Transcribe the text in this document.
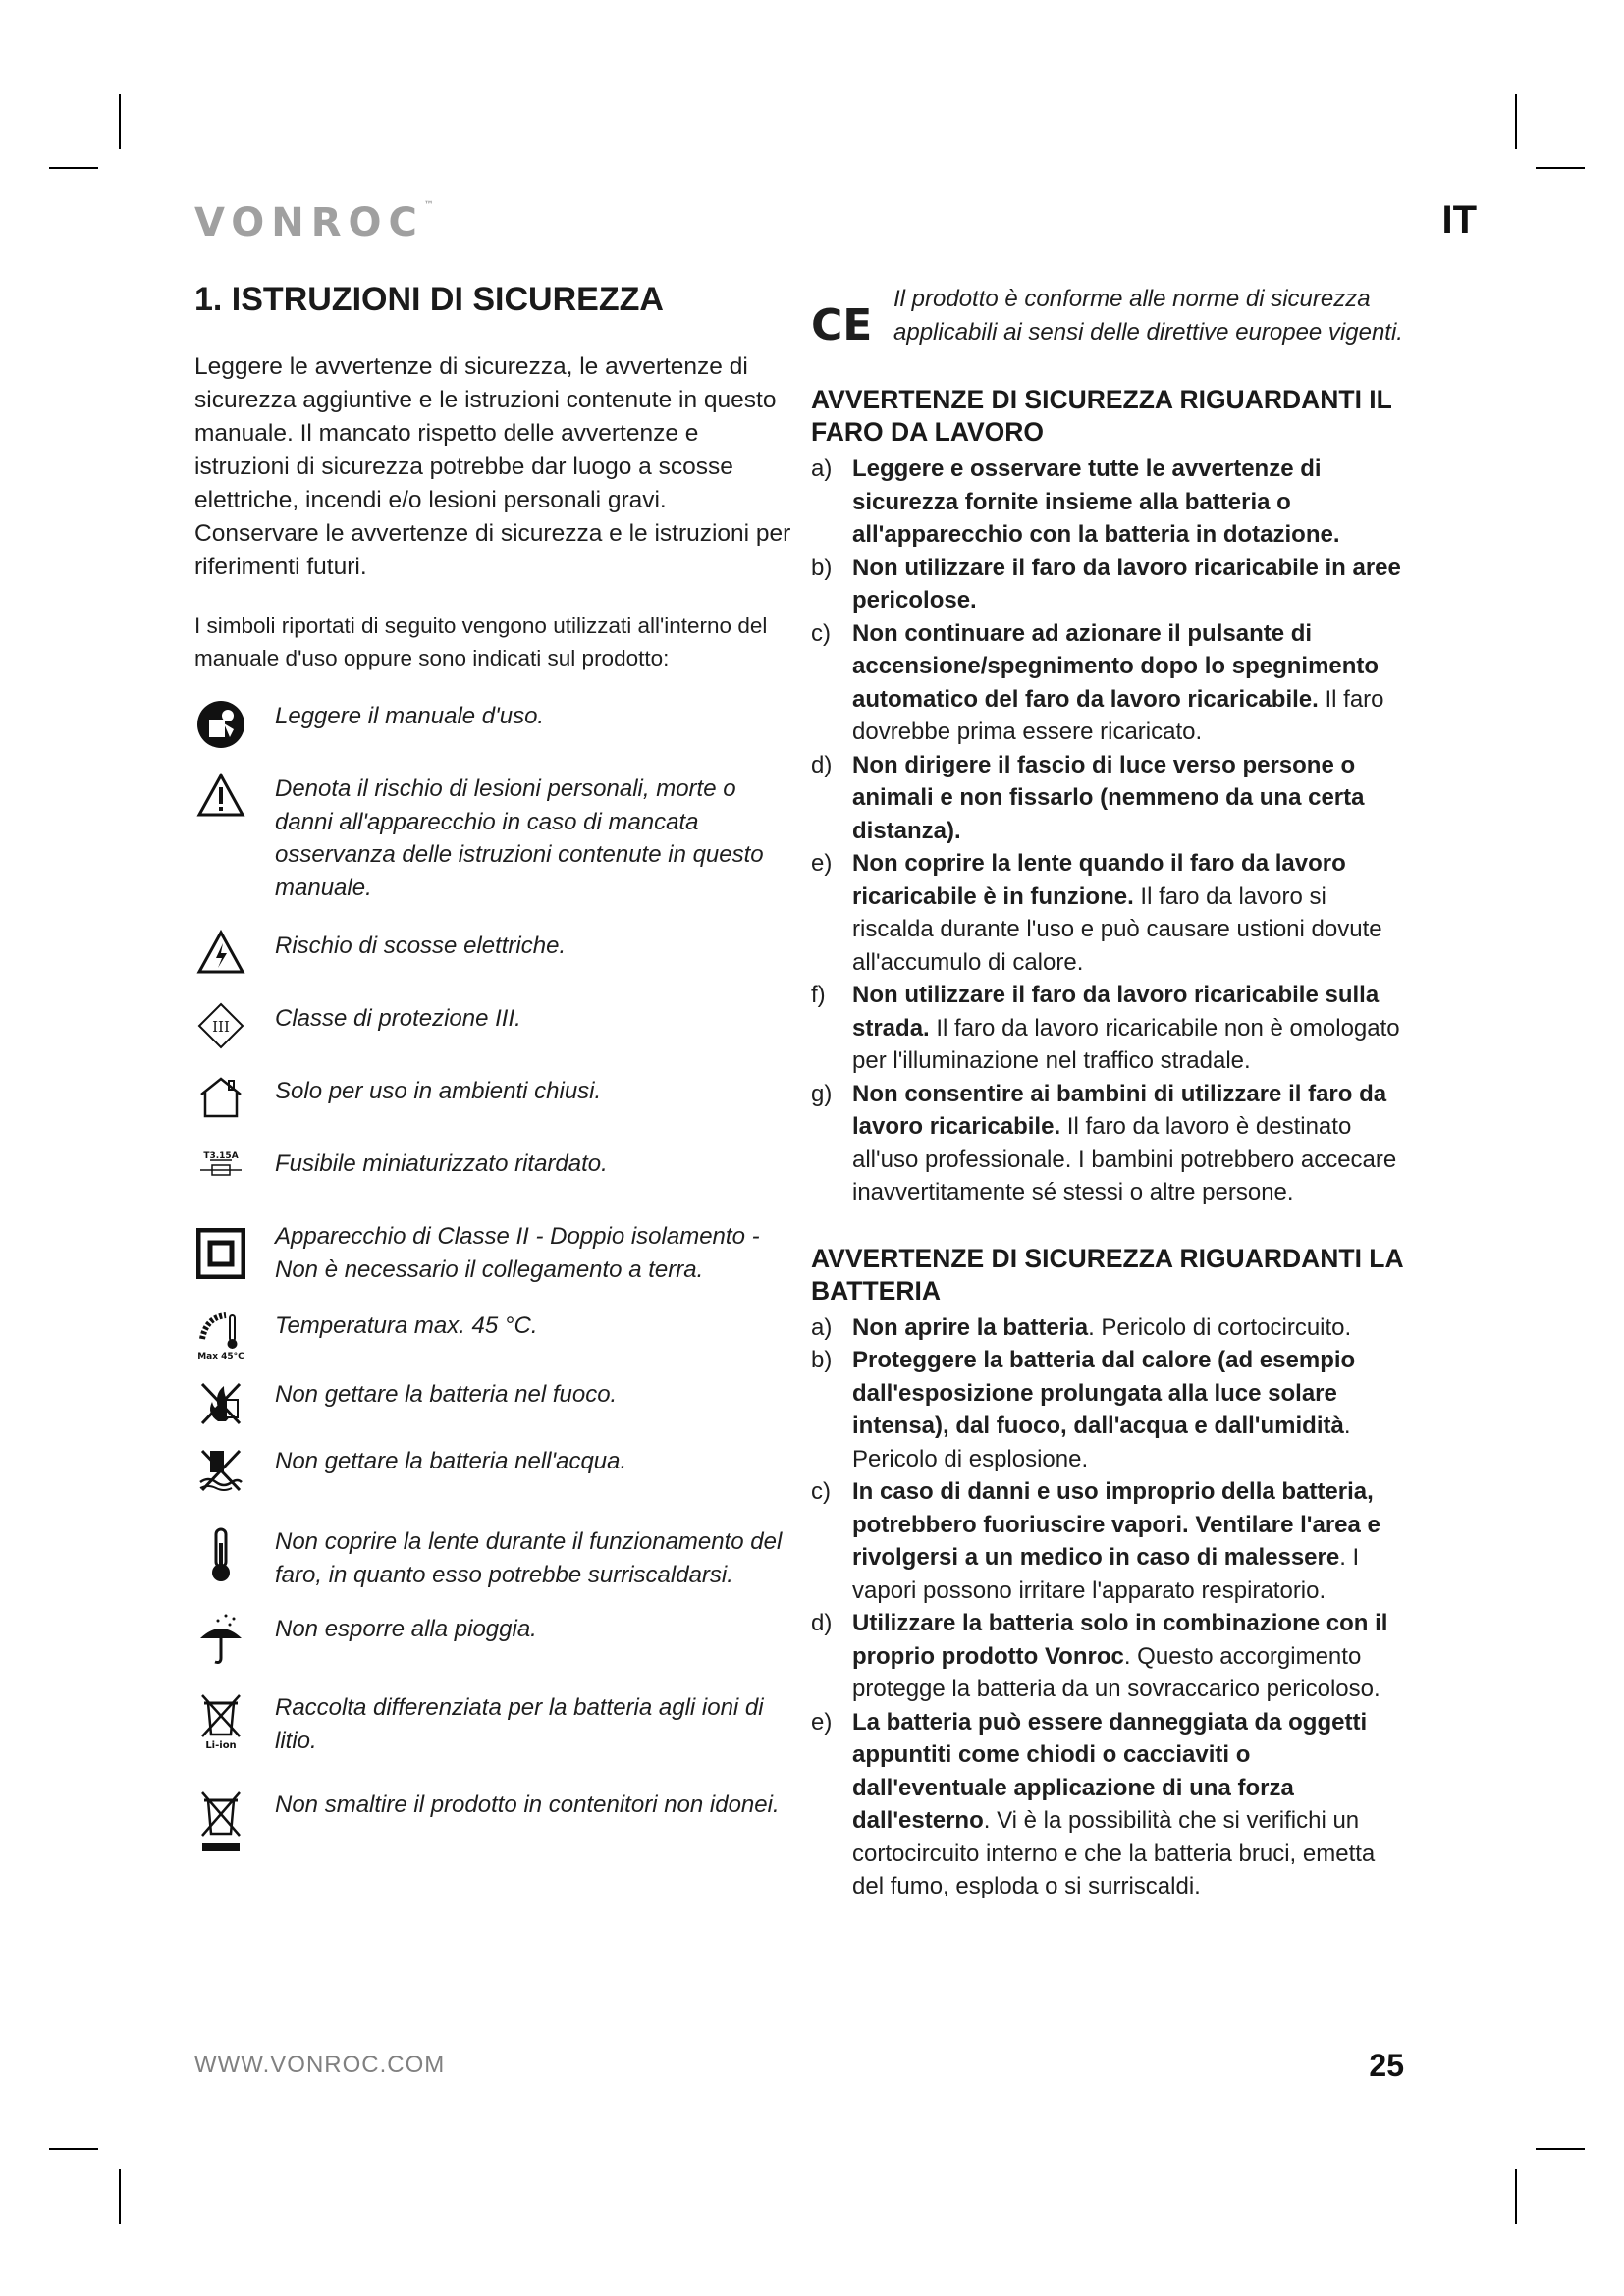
VONROC™	IT
1. ISTRUZIONI DI SICUREZZA

Leggere le avvertenze di sicurezza, le avvertenze di sicurezza aggiuntive e le istruzioni contenute in questo manuale. Il mancato rispetto delle avvertenze e istruzioni di sicurezza potrebbe dar luogo a scosse elettriche, incendi e/o lesioni personali gravi. Conservare le avvertenze di sicurezza e le istruzioni per riferimenti futuri.

I simboli riportati di seguito vengono utilizzati all'interno del manuale d'uso oppure sono indicati sul prodotto:

Leggere il manuale d'uso.
Denota il rischio di lesioni personali, morte o danni all'apparecchio in caso di mancata osservanza delle istruzioni contenute in questo manuale.
Rischio di scosse elettriche.
III	Classe di protezione III.
Solo per uso in ambienti chiusi.
T3.15A	Fusibile miniaturizzato ritardato.
Apparecchio di Classe II - Doppio isolamento - Non è necessario il collegamento a terra.
Max 45°C
Temperatura max. 45 °C.
Non gettare la batteria nel fuoco.
Non gettare la batteria nell'acqua.
Non coprire la lente durante il funzionamento del faro, in quanto esso potrebbe surriscaldarsi.
Non esporre alla pioggia.
Li-ion
Raccolta differenziata per la batteria agli ioni di litio.
Non smaltire il prodotto in contenitori non idonei.
CE
Il prodotto è conforme alle norme di sicurezza applicabili ai sensi delle direttive europee vigenti.
AVVERTENZE DI SICUREZZA RIGUARDANTI IL FARO DA LAVORO
a) Leggere e osservare tutte le avvertenze di sicurezza fornite insieme alla batteria o all'apparecchio con la batteria in dotazione.
b) Non utilizzare il faro da lavoro ricaricabile in aree pericolose.
c) Non continuare ad azionare il pulsante di accensione/spegnimento dopo lo spegnimento automatico del faro da lavoro ricaricabile. Il faro dovrebbe prima essere ricaricato.
d) Non dirigere il fascio di luce verso persone o animali e non fissarlo (nemmeno da una certa distanza).
e) Non coprire la lente quando il faro da lavoro ricaricabile è in funzione. Il faro da lavoro si riscalda durante l'uso e può causare ustioni dovute all'accumulo di calore.
f)	Non utilizzare il faro da lavoro ricaricabile sulla strada. Il faro da lavoro ricaricabile non è omologato per l'illuminazione nel traffico stradale.
g) Non consentire ai bambini di utilizzare il faro da lavoro ricaricabile. Il faro da lavoro è destinato all'uso professionale. I bambini potrebbero accecare inavvertitamente sé stessi o altre persone.
AVVERTENZE DI SICUREZZA RIGUARDANTI LA BATTERIA
a) Non aprire la batteria. Pericolo di cortocircuito.
b) Proteggere la batteria dal calore (ad esempio dall'esposizione prolungata alla luce solare intensa), dal fuoco, dall'acqua e dall'umidità. Pericolo di esplosione.
c) In caso di danni e uso improprio della batteria, potrebbero fuoriuscire vapori. Ventilare l'area e rivolgersi a un medico in caso di malessere. I vapori possono irritare l'apparato respiratorio.
d) Utilizzare la batteria solo in combinazione con il proprio prodotto Vonroc. Questo accorgimento protegge la batteria da un sovraccarico pericoloso.
e) La batteria può essere danneggiata da oggetti appuntiti come chiodi o cacciaviti o dall'eventuale applicazione di una forza dall'esterno. Vi è la possibilità che si verifichi un cortocircuito interno e che la batteria bruci, emetta del fumo, esploda o si surriscaldi.
WWW.VONROC.COM	25
